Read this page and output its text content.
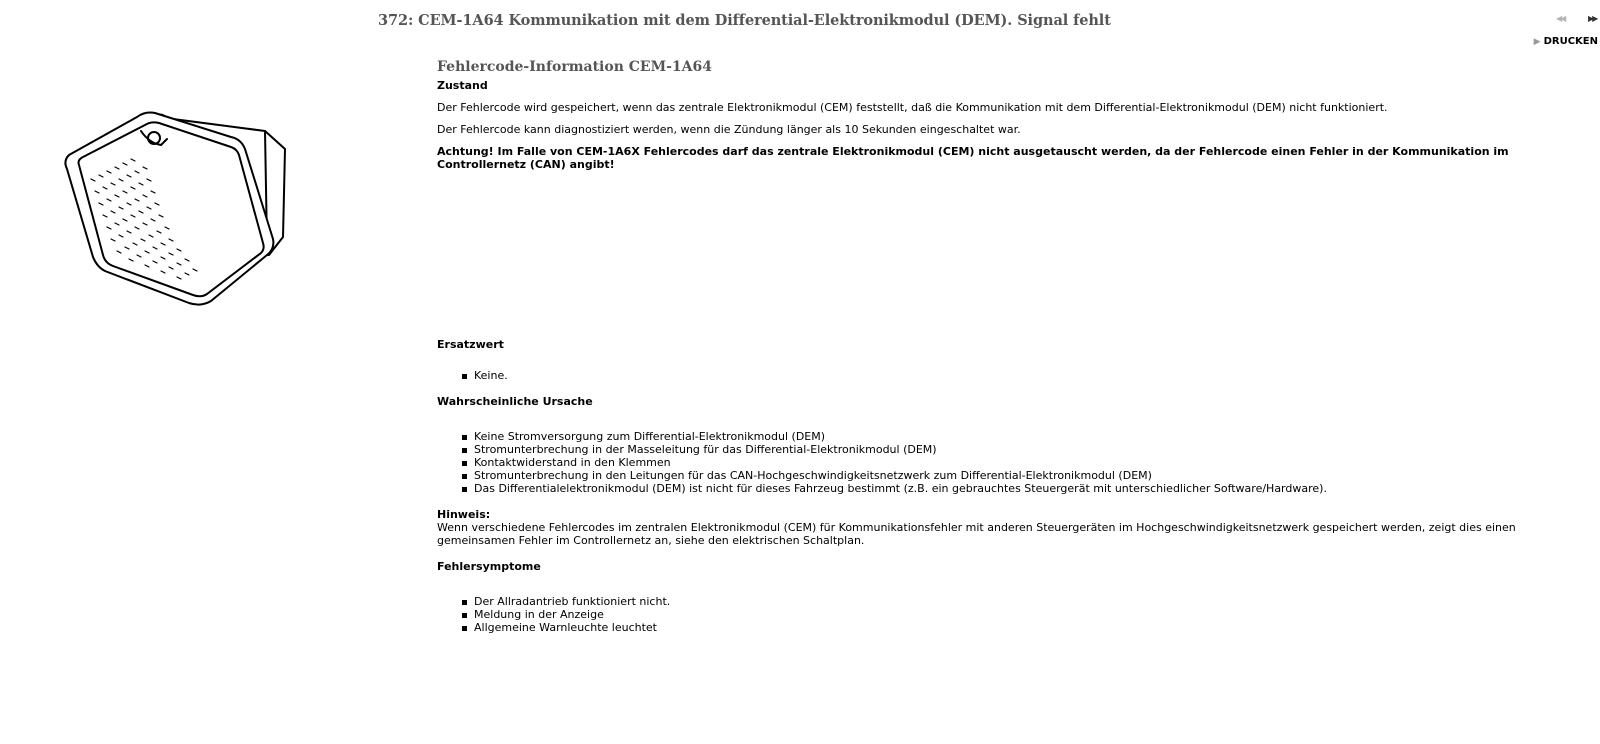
372: CEM-1A64 Kommunikation mit dem Differential-Elektronikmodul (DEM). Signal fehlt	◀◀	▶▶
▶ DRUCKEN
Fehlercode-Information CEM-1A64
Zustand

Der Fehlercode wird gespeichert, wenn das zentrale Elektronikmodul (CEM) feststellt, daß die Kommunikation mit dem Differential-Elektronikmodul (DEM) nicht funktioniert.

Der Fehlercode kann diagnostiziert werden, wenn die Zündung länger als 10 Sekunden eingeschaltet war.

Achtung! Im Falle von CEM-1A6X Fehlercodes darf das zentrale Elektronikmodul (CEM) nicht ausgetauscht werden, da der Fehlercode einen Fehler in der Kommunikation im Controllernetz (CAN) angibt!

Ersatzwert
Keine.
Wahrscheinliche Ursache
Keine Stromversorgung zum Differential-Elektronikmodul (DEM)
Stromunterbrechung in der Masseleitung für das Differential-Elektronikmodul (DEM)
Kontaktwiderstand in den Klemmen
Stromunterbrechung in den Leitungen für das CAN-Hochgeschwindigkeitsnetzwerk zum Differential-Elektronikmodul (DEM)
Das Differentialelektronikmodul (DEM) ist nicht für dieses Fahrzeug bestimmt (z.B. ein gebrauchtes Steuergerät mit unterschiedlicher Software/Hardware).
Hinweis:

Wenn verschiedene Fehlercodes im zentralen Elektronikmodul (CEM) für Kommunikationsfehler mit anderen Steuergeräten im Hochgeschwindigkeitsnetzwerk gespeichert werden, zeigt dies einen gemeinsamen Fehler im Controllernetz an, siehe den elektrischen Schaltplan.

Fehlersymptome
Der Allradantrieb funktioniert nicht.
Meldung in der Anzeige
Allgemeine Warnleuchte leuchtet
